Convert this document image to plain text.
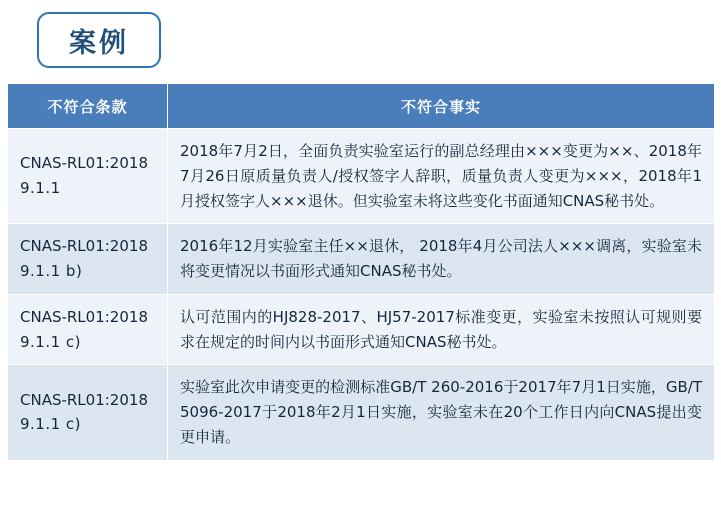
案例
不符合条款	不符合事实

CNAS-RL01:2018
9.1.1	2018年7月2日，全面负责实验室运行的副总经理由×××变更为××、2018年7月26日原质量负责人/授权签字人辞职，质量负责人变更为×××，2018年1月授权签字人×××退休。但实验室未将这些变化书面通知CNAS秘书处。

CNAS-RL01:2018
9.1.1 b)	2016年12月实验室主任××退休， 2018年4月公司法人×××调离，实验室未将变更情况以书面形式通知CNAS秘书处。

CNAS-RL01:2018
9.1.1 c)	认可范围内的HJ828-2017、HJ57-2017标准变更，实验室未按照认可规则要求在规定的时间内以书面形式通知CNAS秘书处。

CNAS-RL01:2018
9.1.1 c)	实验室此次申请变更的检测标准GB/T 260-2016于2017年7月1日实施，GB/T 5096-2017于2018年2月1日实施，实验室未在20个工作日内向CNAS提出变更申请。
